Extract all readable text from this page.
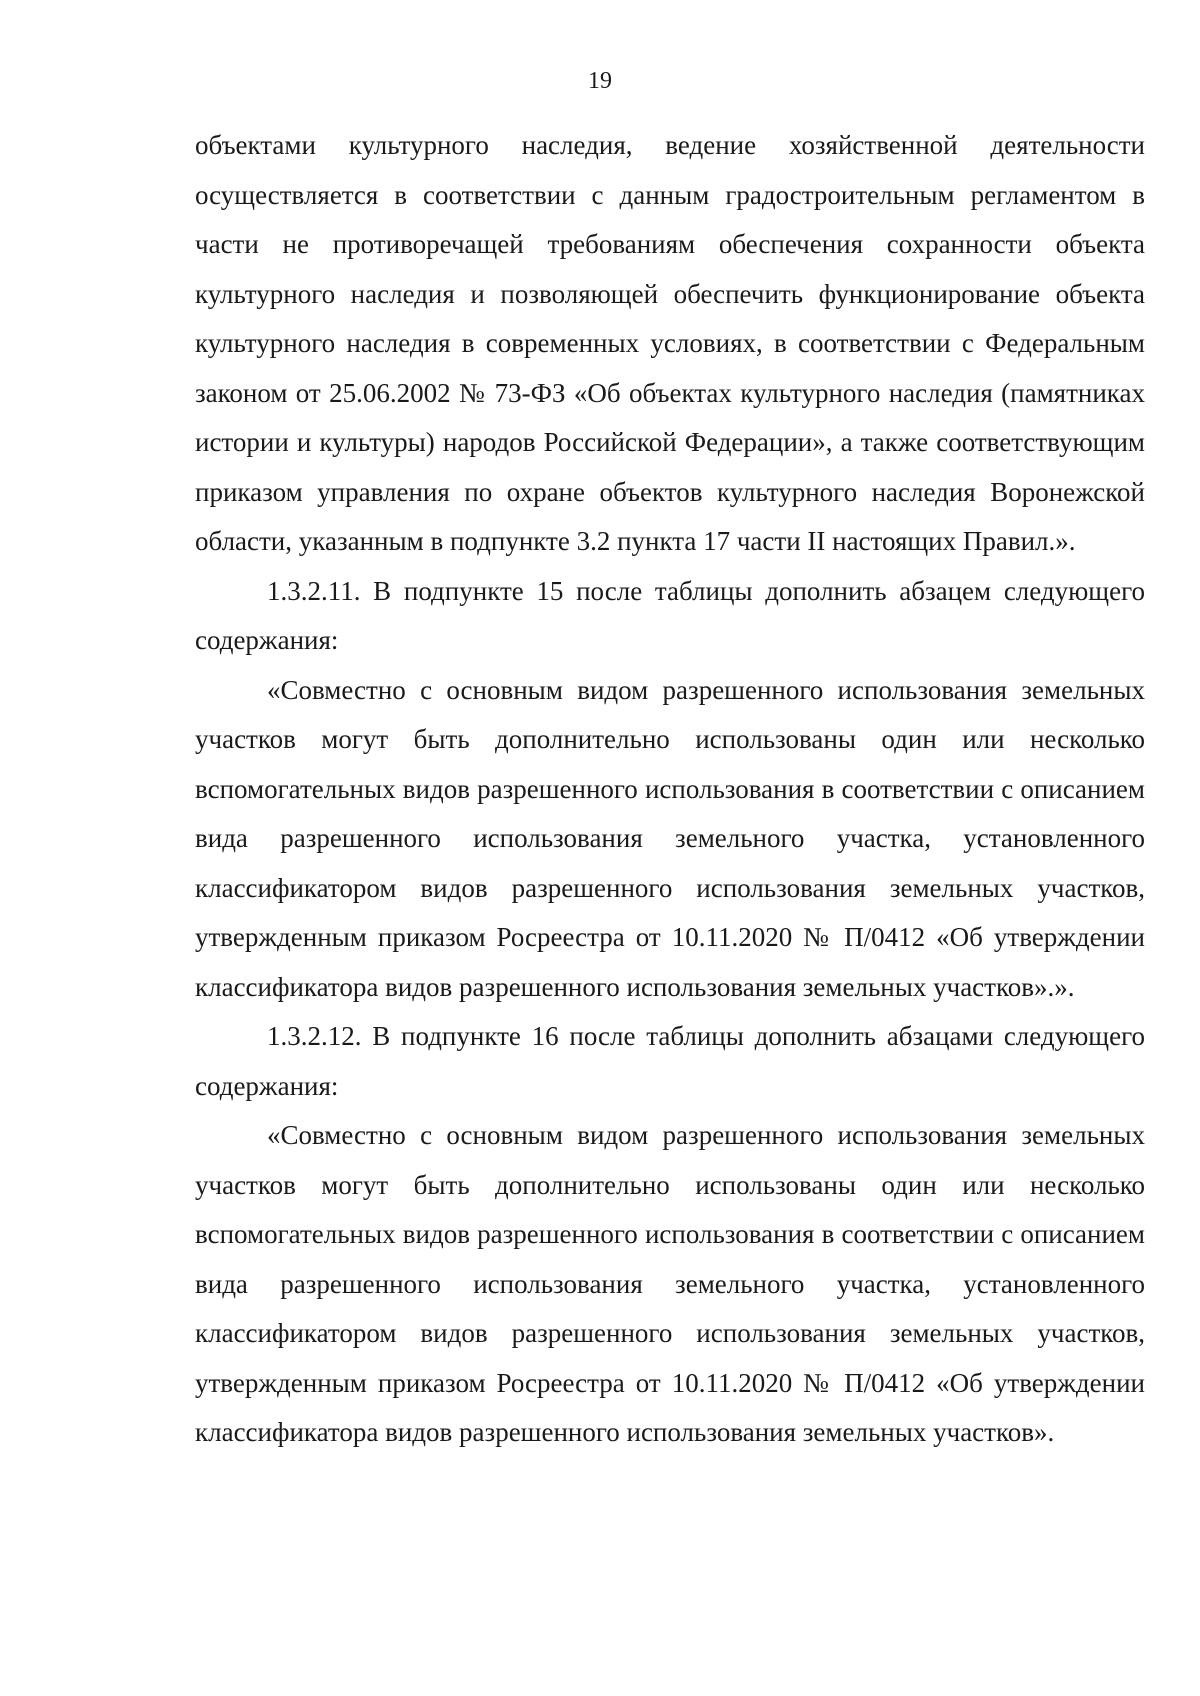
19

объектами культурного наследия, ведение хозяйственной деятельности осуществляется в соответствии с данным градостроительным регламентом в части не противоречащей требованиям обеспечения сохранности объекта культурного наследия и позволяющей обеспечить функционирование объекта культурного наследия в современных условиях, в соответствии с Федеральным законом от 25.06.2002 № 73-ФЗ «Об объектах культурного наследия (памятниках истории и культуры) народов Российской Федерации», а также соответствующим приказом управления по охране объектов культурного наследия Воронежской области, указанным в подпункте 3.2 пункта 17 части II настоящих Правил.».

1.3.2.11. В подпункте 15 после таблицы дополнить абзацем следующего содержания:

«Совместно с основным видом разрешенного использования земельных участков могут быть дополнительно использованы один или несколько вспомогательных видов разрешенного использования в соответствии с описанием вида разрешенного использования земельного участка, установленного классификатором видов разрешенного использования земельных участков, утвержденным приказом Росреестра от 10.11.2020 № П/0412 «Об утверждении классификатора видов разрешенного использования земельных участков».».

1.3.2.12. В подпункте 16 после таблицы дополнить абзацами следующего содержания:

«Совместно с основным видом разрешенного использования земельных участков могут быть дополнительно использованы один или несколько вспомогательных видов разрешенного использования в соответствии с описанием вида разрешенного использования земельного участка, установленного классификатором видов разрешенного использования земельных участков, утвержденным приказом Росреестра от 10.11.2020 № П/0412 «Об утверждении классификатора видов разрешенного использования земельных участков».
